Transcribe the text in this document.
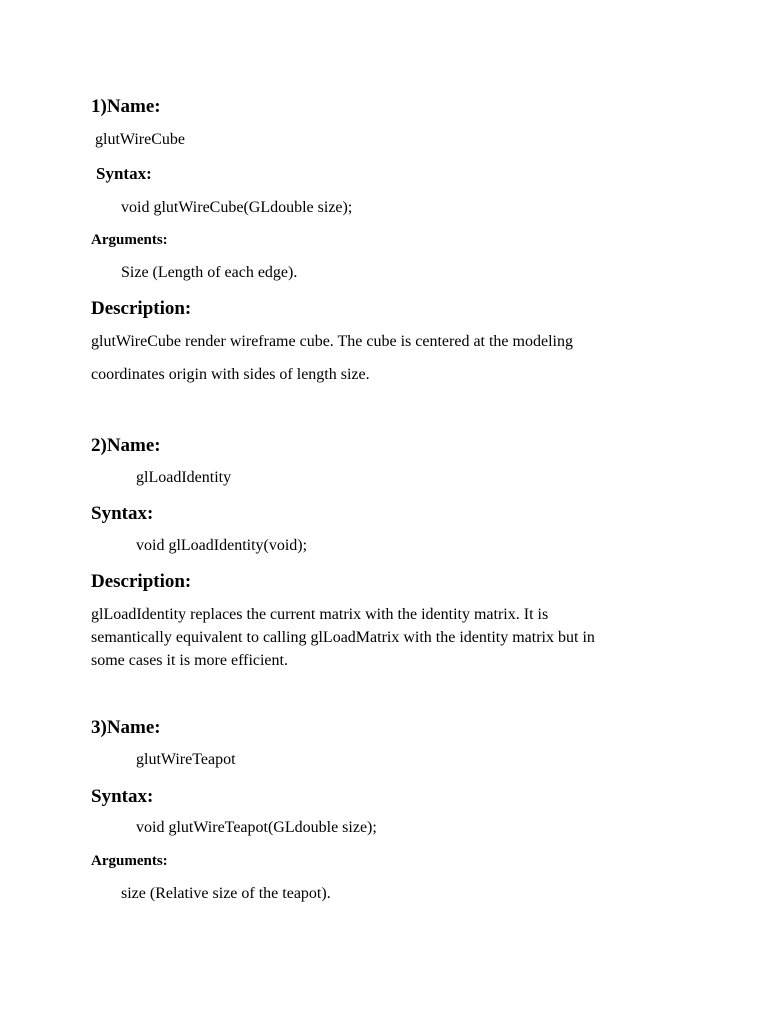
1)Name:
glutWireCube
Syntax:
void glutWireCube(GLdouble size);
Arguments:
Size (Length of each edge).
Description:
glutWireCube render wireframe cube. The cube is centered at the modeling
coordinates origin with sides of length size.
2)Name:
glLoadIdentity
Syntax:
void glLoadIdentity(void);
Description:
glLoadIdentity replaces the current matrix with the identity matrix. It is
semantically equivalent to calling glLoadMatrix with the identity matrix but in
some cases it is more efficient.
3)Name:
glutWireTeapot
Syntax:
void glutWireTeapot(GLdouble size);
Arguments:
size (Relative size of the teapot).
